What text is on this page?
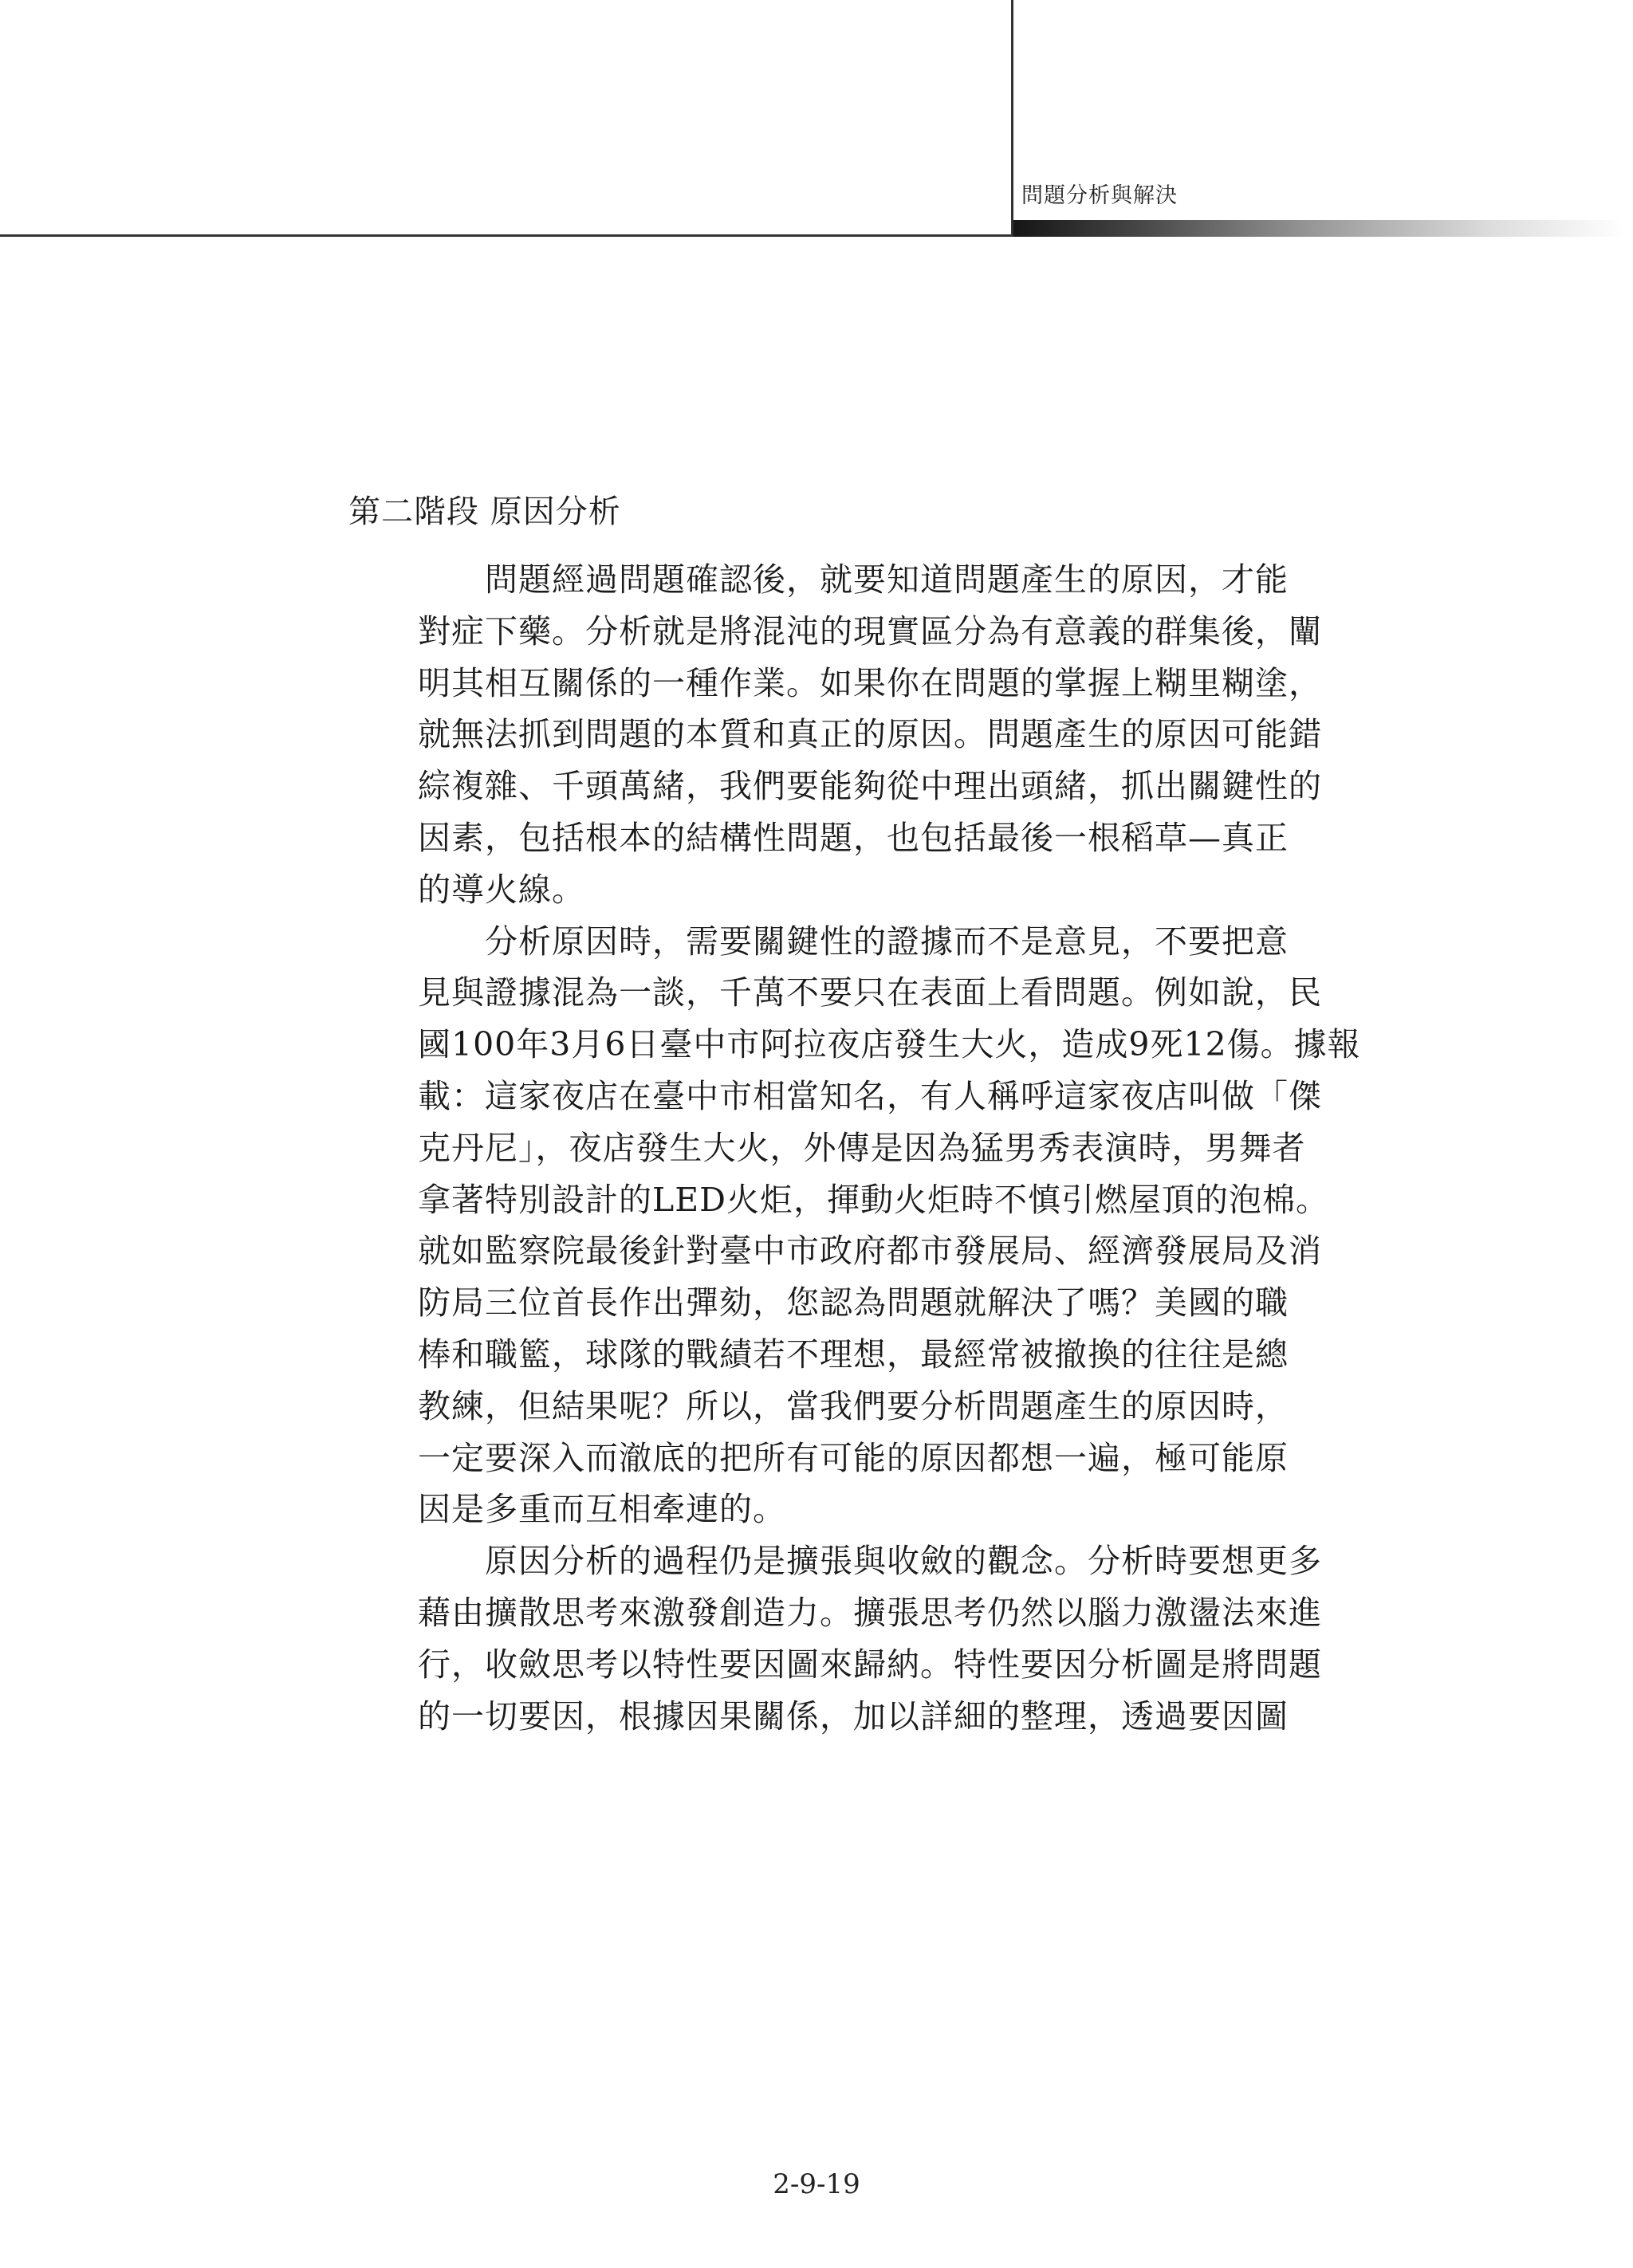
問題分析與解決
第二階段 原因分析
問題經過問題確認後，就要知道問題產生的原因，才能
對症下藥。分析就是將混沌的現實區分為有意義的群集後，闡
明其相互關係的一種作業。如果你在問題的掌握上糊里糊塗，
就無法抓到問題的本質和真正的原因。問題產生的原因可能錯
綜複雜、千頭萬緒，我們要能夠從中理出頭緒，抓出關鍵性的
因素，包括根本的結構性問題，也包括最後一根稻草—真正
的導火線。
分析原因時，需要關鍵性的證據而不是意見，不要把意
見與證據混為一談，千萬不要只在表面上看問題。例如說，民
國100年3月6日臺中市阿拉夜店發生大火，造成9死12傷。據報
載：這家夜店在臺中市相當知名，有人稱呼這家夜店叫做「傑
克丹尼」，夜店發生大火，外傳是因為猛男秀表演時，男舞者
拿著特別設計的LED火炬，揮動火炬時不慎引燃屋頂的泡棉。
就如監察院最後針對臺中市政府都市發展局、經濟發展局及消
防局三位首長作出彈劾，您認為問題就解決了嗎？美國的職
棒和職籃，球隊的戰績若不理想，最經常被撤換的往往是總
教練，但結果呢？所以，當我們要分析問題產生的原因時，
一定要深入而澈底的把所有可能的原因都想一遍，極可能原
因是多重而互相牽連的。
原因分析的過程仍是擴張與收斂的觀念。分析時要想更多
藉由擴散思考來激發創造力。擴張思考仍然以腦力激盪法來進
行，收斂思考以特性要因圖來歸納。特性要因分析圖是將問題
的一切要因，根據因果關係，加以詳細的整理，透過要因圖
2-9-19
